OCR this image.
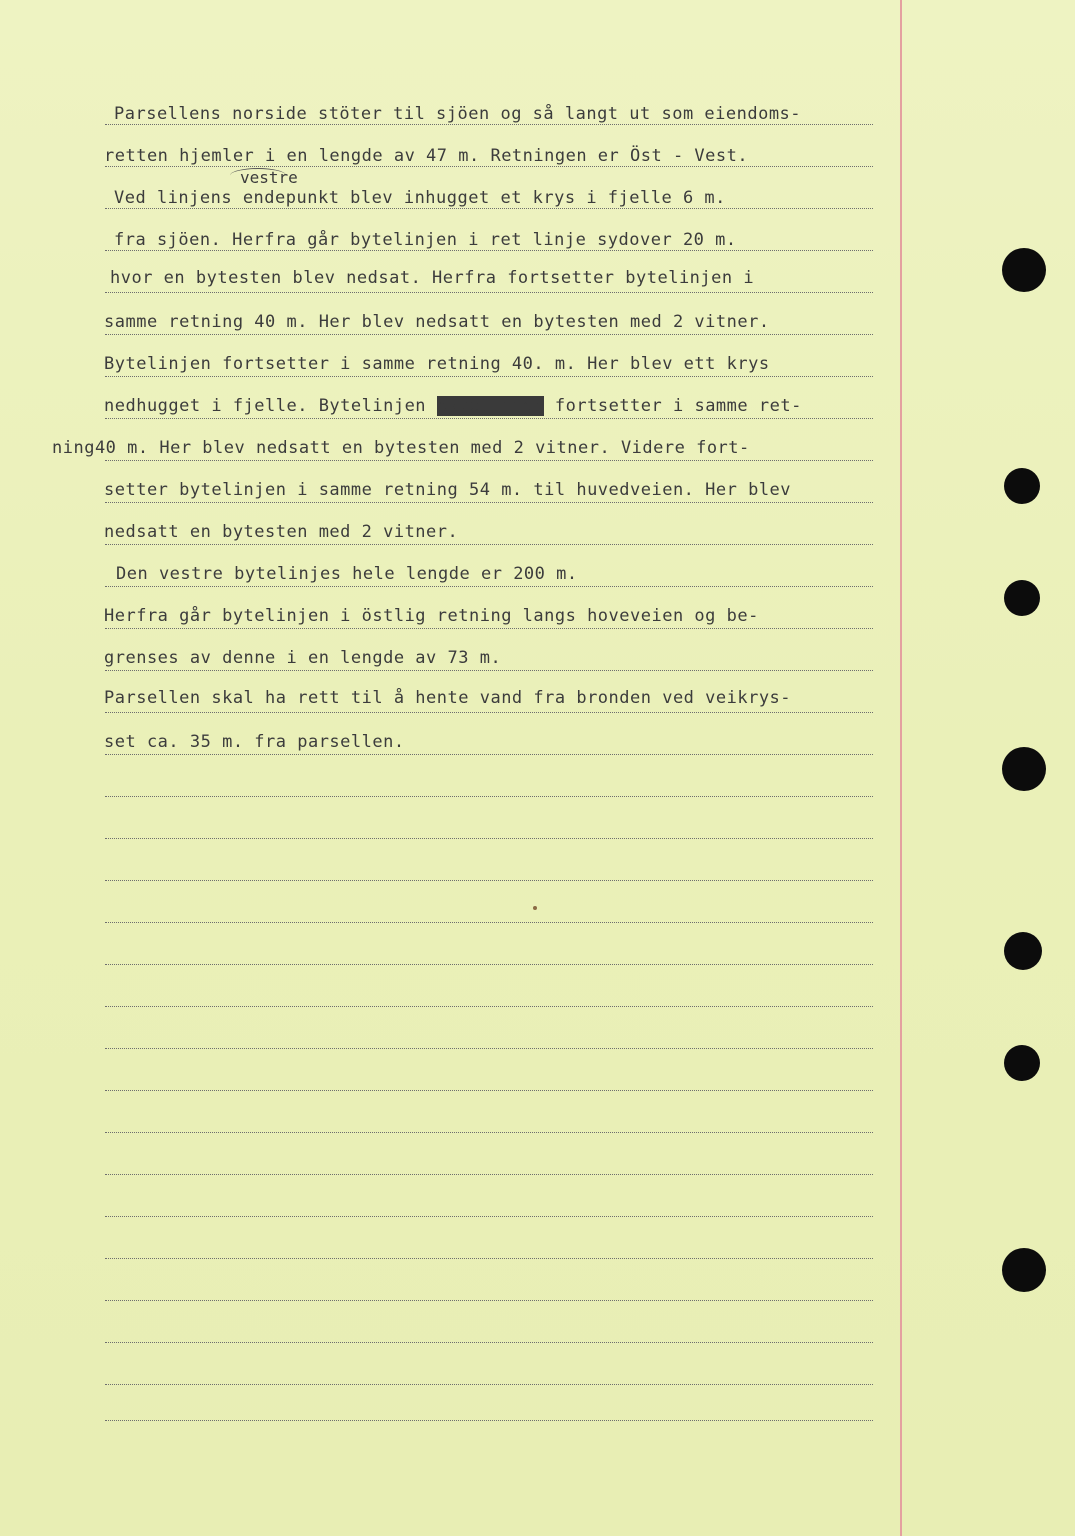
vestre
Parsellens norside stöter til sjöen og så langt ut som eiendoms-
retten hjemler i en lengde av 47 m. Retningen er Öst - Vest.
Ved linjens endepunkt blev inhugget et krys i fjelle 6 m.
fra sjöen. Herfra går bytelinjen i ret linje sydover 20 m.
hvor en bytesten blev nedsat. Herfra fortsetter bytelinjen i
samme retning 40 m. Her blev nedsatt en bytesten med 2 vitner.
Bytelinjen fortsetter i samme retning 40. m. Her blev ett krys
nedhugget i fjelle. Bytelinjen bytelinjen fortsetter i samme ret-
ning40 m. Her blev nedsatt en bytesten med 2 vitner. Videre fort-
setter bytelinjen i samme retning 54 m. til huvedveien. Her blev
nedsatt en bytesten med 2 vitner.
Den vestre bytelinjes hele lengde er 200 m.
Herfra går bytelinjen i östlig retning langs hoveveien og be-
grenses av denne i en lengde av 73 m.
Parsellen skal ha rett til å hente vand fra bronden ved veikrys-
set ca. 35 m. fra parsellen.
